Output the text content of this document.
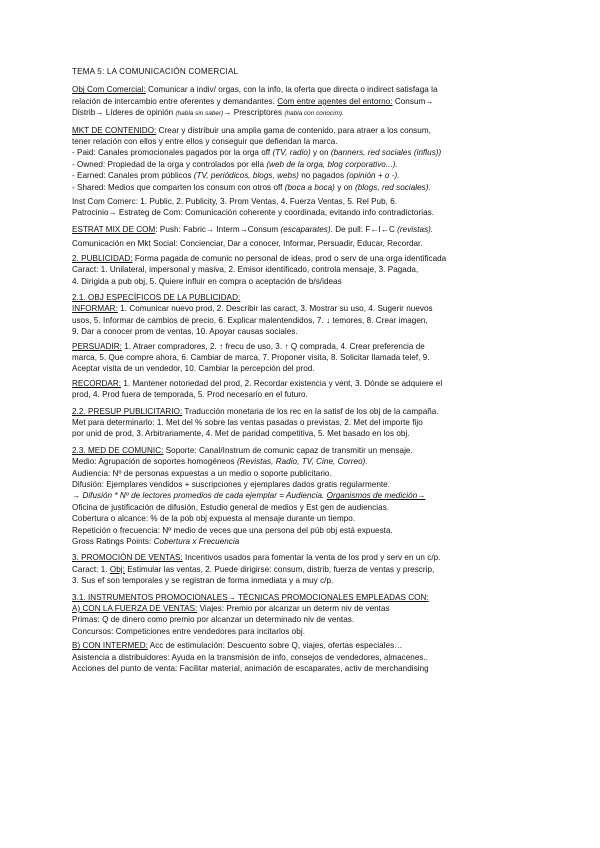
TEMA 5: LA COMUNICACIÓN COMERCIAL
Obj Com Comercial: Comunicar a indiv/ orgas, con la info, la oferta que directa o indirect satisfaga la
relación de intercambio entre oferentes y demandantes. Com entre agentes del entorno: Consum→
Distrib→ Líderes de opinión (habla sin saber)→ Prescriptores (habla con conocim).
MKT DE CONTENIDO: Crear y distribuir una amplia gama de contenido, para atraer a los consum,
tener relación con ellos y entre ellos y conseguir que defiendan la marca.
- Paid: Canales promocionales pagados por la orga off (TV, radio) y on (banners, red sociales (influs))
- Owned: Propiedad de la orga y controlados por ella (web de la orga, blog corporativo...).
- Earned: Canales prom públicos (TV, periódicos, blogs, webs) no pagados (opinión + o -).
- Shared: Medios que comparten los consum con otros off (boca a boca) y on (blogs, red sociales).
Inst Com Comerc: 1. Public, 2. Publicity, 3. Prom Ventas, 4. Fuerza Ventas, 5. Rel Pub, 6.
Patrocinio→ Estrateg de Com: Comunicación coherente y coordinada, evitando info contradictorias.
ESTRAT MIX DE COM: Push: Fabric→ Interm→Consum (escaparates). De pull: F←I←C (revistas).
Comunicación en Mkt Social: Concienciar, Dar a conocer, Informar, Persuadir, Educar, Recordar.
2. PUBLICIDAD: Forma pagada de comunic no personal de ideas, prod o serv de una orga identificada
Caract: 1. Unilateral, impersonal y masiva, 2. Emisor identificado, controla mensaje, 3. Pagada,
4. Dirigida a pub obj, 5. Quiere influir en compra o aceptación de b/s/ideas
2.1. OBJ ESPECÍFICOS DE LA PUBLICIDAD:
INFORMAR: 1. Comunicar nuevo prod, 2. Describir las caract, 3. Mostrar su uso, 4. Sugerir nuevos
usos, 5. Informar de cambios de precio, 6. Explicar malentendidos, 7. ↓ temores, 8. Crear imagen,
9. Dar a conocer prom de ventas, 10. Apoyar causas sociales.
PERSUADIR: 1. Atraer compradores, 2. ↑ frecu de uso, 3. ↑ Q comprada, 4. Crear preferencia de
marca, 5. Que compre ahora, 6. Cambiar de marca, 7. Proponer visita, 8. Solicitar llamada telef, 9.
Aceptar visita de un vendedor, 10. Cambiar la percepción del prod.
RECORDAR: 1. Mantener notoriedad del prod, 2. Recordar existencia y vent, 3. Dónde se adquiere el
prod, 4. Prod fuera de temporada, 5. Prod necesario en el futuro.
2.2. PRESUP PUBLICITARIO: Traducción monetaria de los rec en la satisf de los obj de la campaña.
Met para determinarlo: 1. Met del % sobre las ventas pasadas o previstas, 2. Met del importe fijo
por unid de prod, 3. Arbitrariamente, 4. Met de paridad competitiva, 5. Met basado en los obj.
2.3. MED DE COMUNIC: Soporte: Canal/Instrum de comunic capaz de transmitir un mensaje.
Medio: Agrupación de soportes homogéneos (Revistas, Radio, TV, Cine, Correo).
Audiencia: Nº de personas expuestas a un medio o soporte publicitario.
Difusión: Ejemplares vendidos + suscripciones y ejemplares dados gratis regularmente.
→ Difusión * Nº de lectores promedios de cada ejemplar = Audiencia. Organismos de medición→
Oficina de justificación de difusión, Estudio general de medios y Est gen de audiencias.
Cobertura o alcance: % de la pob obj expuesta al mensaje durante un tiempo.
Repetición o frecuencia: Nº medio de veces que una persona del púb obj está expuesta.
Gross Ratings Points: Cobertura x Frecuencia
3. PROMOCIÓN DE VENTAS: Incentivos usados para fomentar la venta de los prod y serv en un c/p.
Caract: 1. Obj: Estimular las ventas, 2. Puede dirigirse: consum, distrib, fuerza de ventas y prescrip,
3. Sus ef son temporales y se registran de forma inmediata y a muy c/p.
3.1. INSTRUMENTOS PROMOCIONALES→ TÉCNICAS PROMOCIONALES EMPLEADAS CON:
A) CON LA FUERZA DE VENTAS: Viajes: Premio por alcanzar un determ niv de ventas
Primas: Q de dinero como premio por alcanzar un determinado niv de ventas.
Concursos: Competiciones entre vendedores para incitarlos obj.
B) CON INTERMED: Acc de estimulación: Descuento sobre Q, viajes, ofertas especiales…
Asistencia a distribuidores: Ayuda en la transmisión de info, consejos de vendedores, almacenes..
Acciones del punto de venta: Facilitar material, animación de escaparates, activ de merchandising
